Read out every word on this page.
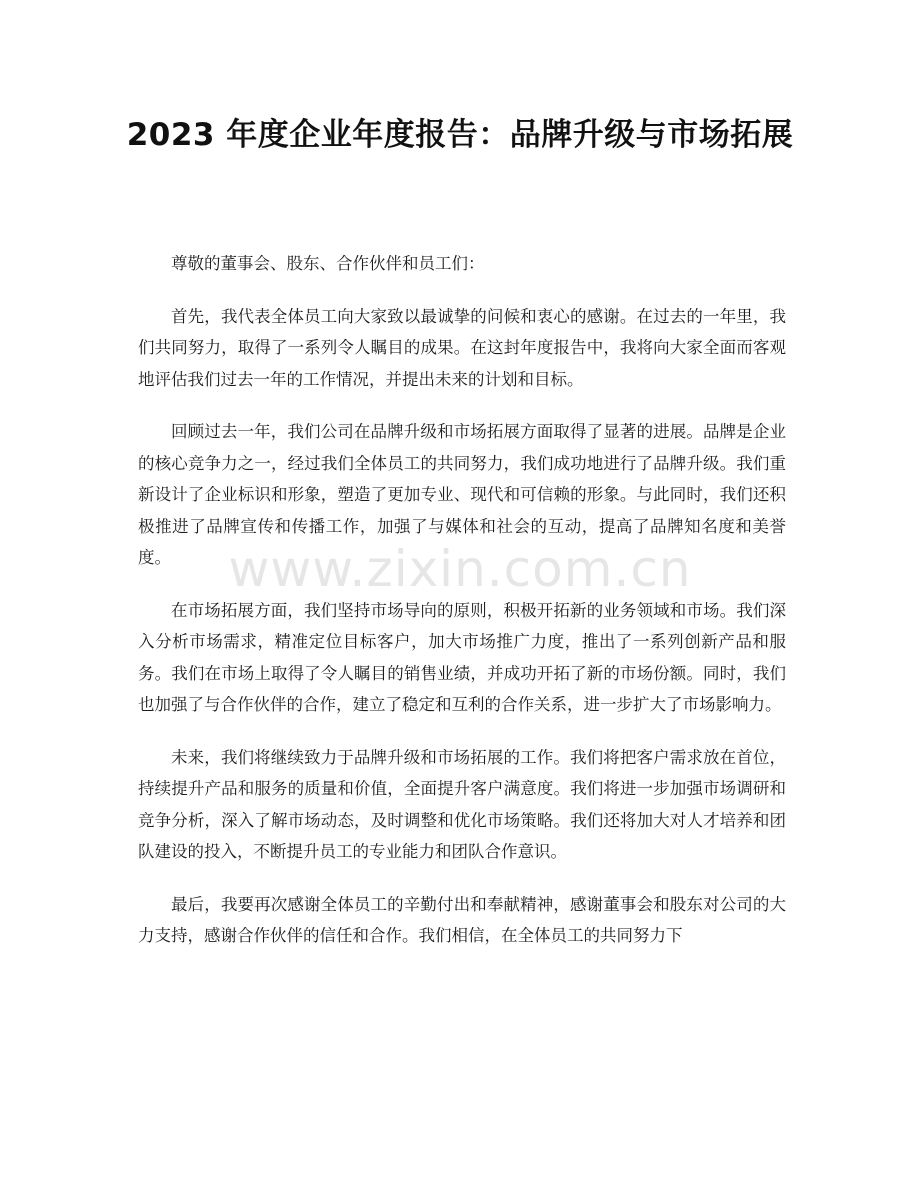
2023 年度企业年度报告：品牌升级与市场拓展

尊敬的董事会、股东、合作伙伴和员工们：

首先，我代表全体员工向大家致以最诚挚的问候和衷心的感谢。在过去的一年里，我们共同努力，取得了一系列令人瞩目的成果。在这封年度报告中，我将向大家全面而客观地评估我们过去一年的工作情况，并提出未来的计划和目标。

回顾过去一年，我们公司在品牌升级和市场拓展方面取得了显著的进展。品牌是企业的核心竞争力之一，经过我们全体员工的共同努力，我们成功地进行了品牌升级。我们重新设计了企业标识和形象，塑造了更加专业、现代和可信赖的形象。与此同时，我们还积极推进了品牌宣传和传播工作，加强了与媒体和社会的互动，提高了品牌知名度和美誉度。

在市场拓展方面，我们坚持市场导向的原则，积极开拓新的业务领域和市场。我们深入分析市场需求，精准定位目标客户，加大市场推广力度，推出了一系列创新产品和服务。我们在市场上取得了令人瞩目的销售业绩，并成功开拓了新的市场份额。同时，我们也加强了与合作伙伴的合作，建立了稳定和互利的合作关系，进一步扩大了市场影响力。

未来，我们将继续致力于品牌升级和市场拓展的工作。我们将把客户需求放在首位，持续提升产品和服务的质量和价值，全面提升客户满意度。我们将进一步加强市场调研和竞争分析，深入了解市场动态，及时调整和优化市场策略。我们还将加大对人才培养和团队建设的投入，不断提升员工的专业能力和团队合作意识。

最后，我要再次感谢全体员工的辛勤付出和奉献精神，感谢董事会和股东对公司的大力支持，感谢合作伙伴的信任和合作。我们相信，在全体员工的共同努力下

www.zixin.com.cn
